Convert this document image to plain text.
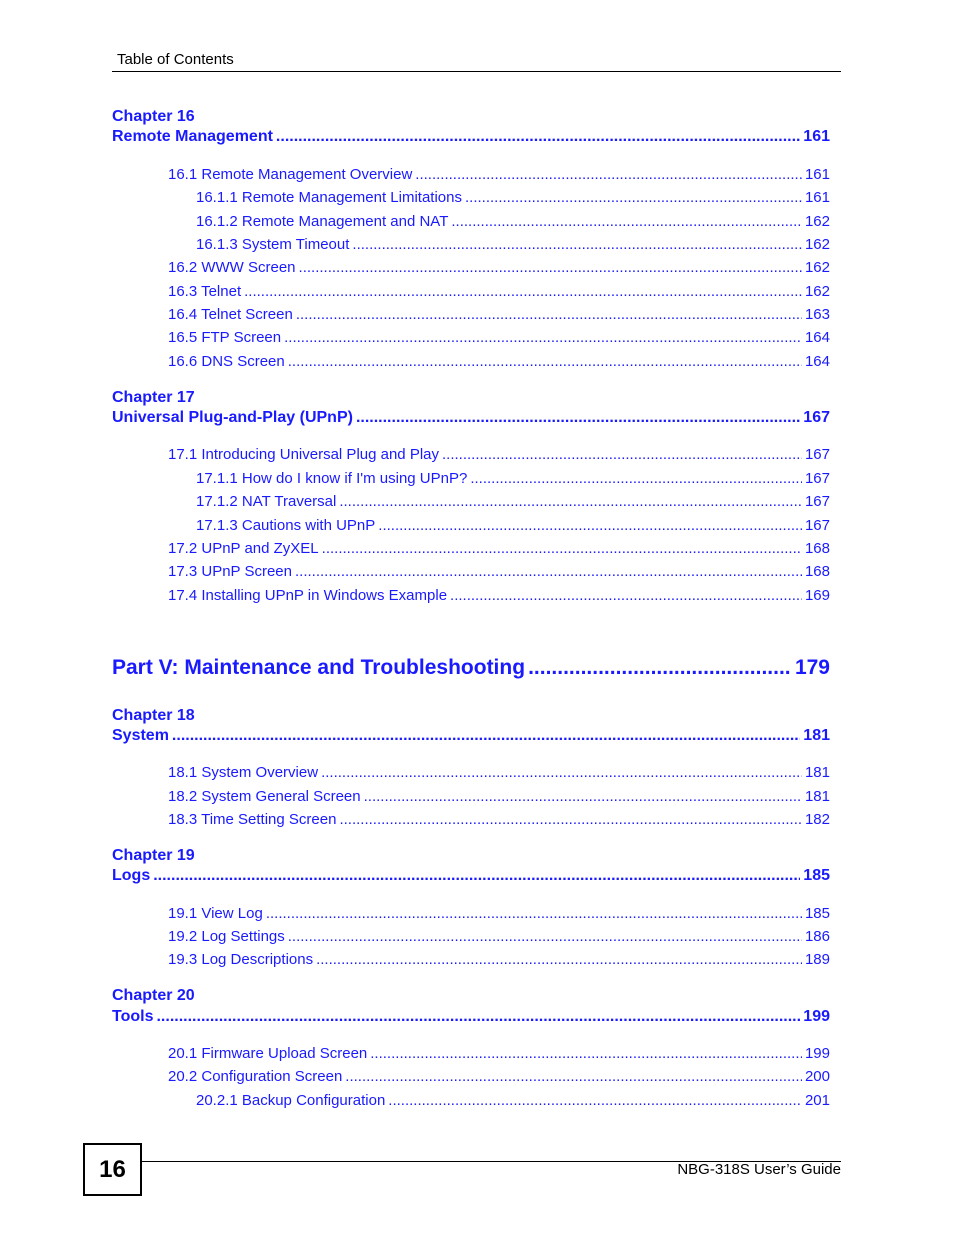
Table of Contents
Chapter 16
Remote Management .....	161
16.1 Remote Management Overview .....	161
16.1.1 Remote Management Limitations .....	161
16.1.2 Remote Management and NAT .....	162
16.1.3 System Timeout .....	162
16.2 WWW Screen .....	162
16.3 Telnet .....	162
16.4 Telnet Screen .....	163
16.5 FTP Screen .....	164
16.6 DNS Screen .....	164
Chapter 17
Universal Plug-and-Play (UPnP) .....	167
17.1 Introducing Universal Plug and Play .....	167
17.1.1 How do I know if I'm using UPnP? .....	167
17.1.2 NAT Traversal .....	167
17.1.3 Cautions with UPnP .....	167
17.2 UPnP and ZyXEL .....	168
17.3 UPnP Screen .....	168
17.4 Installing UPnP in Windows Example .....	169
Part V: Maintenance and Troubleshooting .....	179
Chapter 18
System .....	181
18.1 System Overview .....	181
18.2 System General Screen .....	181
18.3 Time Setting Screen .....	182
Chapter 19
Logs .....	185
19.1 View Log .....	185
19.2 Log Settings .....	186
19.3 Log Descriptions .....	189
Chapter 20
Tools .....	199
20.1 Firmware Upload Screen .....	199
20.2 Configuration Screen .....	200
20.2.1 Backup Configuration .....	201
16	NBG-318S User’s Guide
